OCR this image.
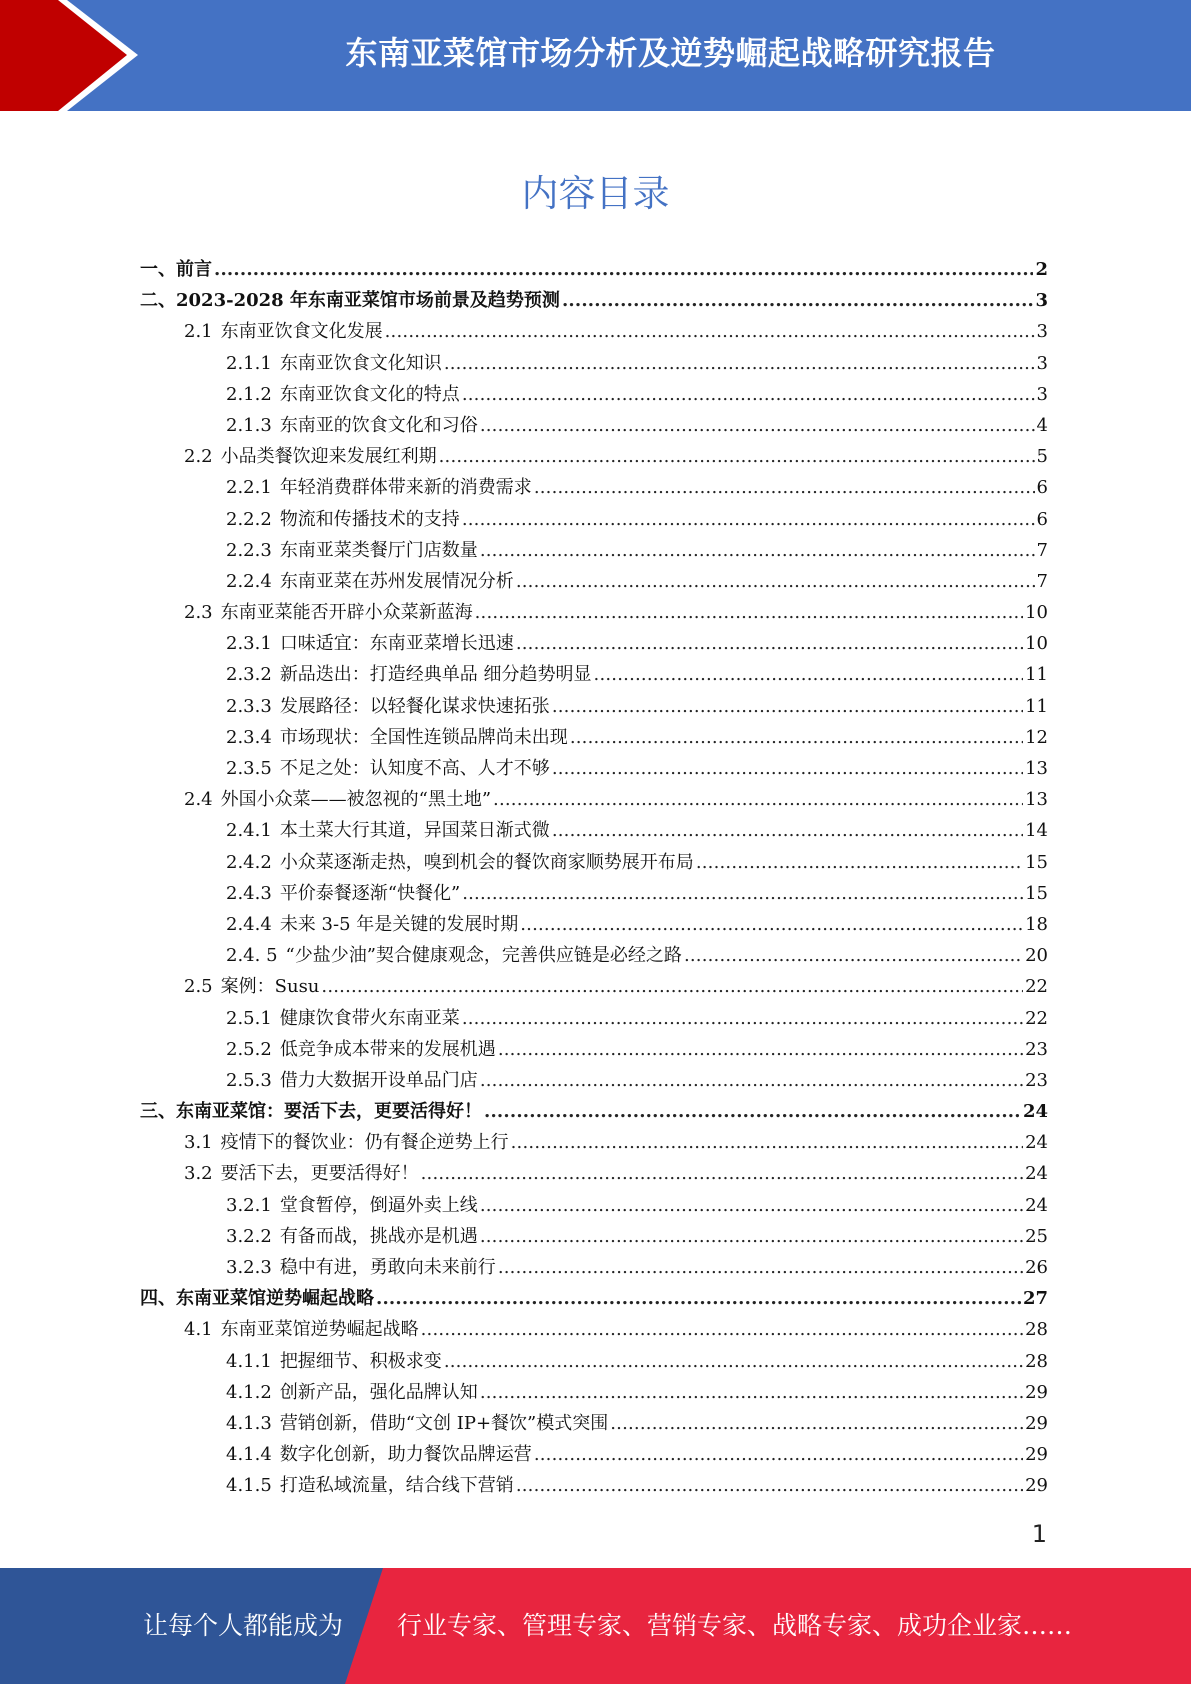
东南亚菜馆市场分析及逆势崛起战略研究报告
内容目录
一、 前言 .....	2
二、 2023-2028 年东南亚菜馆市场前景及趋势预测 .....	3
2.1 东南亚饮食文化发展 .....	3
2.1.1 东南亚饮食文化知识 .....	3
2.1.2 东南亚饮食文化的特点 .....	3
2.1.3 东南亚的饮食文化和习俗 .....	4
2.2 小品类餐饮迎来发展红利期 .....	5
2.2.1 年轻消费群体带来新的消费需求 .....	6
2.2.2 物流和传播技术的支持 .....	6
2.2.3 东南亚菜类餐厅门店数量 .....	7
2.2.4 东南亚菜在苏州发展情况分析 .....	7
2.3 东南亚菜能否开辟小众菜新蓝海 .....	10
2.3.1 口味适宜：东南亚菜增长迅速 .....	10
2.3.2 新品迭出：打造经典单品 细分趋势明显 .....	11
2.3.3 发展路径：以轻餐化谋求快速拓张 .....	11
2.3.4 市场现状：全国性连锁品牌尚未出现 .....	12
2.3.5 不足之处：认知度不高、人才不够 .....	13
2.4 外国小众菜——被忽视的“黑土地” .....	13
2.4.1 本土菜大行其道，异国菜日渐式微 .....	14
2.4.2 小众菜逐渐走热，嗅到机会的餐饮商家顺势展开布局 .....	15
2.4.3 平价泰餐逐渐“快餐化” .....	15
2.4.4 未来 3-5 年是关键的发展时期 .....	18
2.4. 5 “少盐少油”契合健康观念，完善供应链是必经之路 .....	20
2.5 案例：Susu .....	22
2.5.1 健康饮食带火东南亚菜 .....	22
2.5.2 低竞争成本带来的发展机遇 .....	23
2.5.3 借力大数据开设单品门店 .....	23
三、 东南亚菜馆：要活下去，更要活得好！ .....	24
3.1 疫情下的餐饮业：仍有餐企逆势上行 .....	24
3.2 要活下去，更要活得好！ .....	24
3.2.1 堂食暂停，倒逼外卖上线 .....	24
3.2.2 有备而战，挑战亦是机遇 .....	25
3.2.3 稳中有进，勇敢向未来前行 .....	26
四、 东南亚菜馆逆势崛起战略 .....	27
4.1 东南亚菜馆逆势崛起战略 .....	28
4.1.1 把握细节、积极求变 .....	28
4.1.2 创新产品，强化品牌认知 .....	29
4.1.3 营销创新，借助“文创 IP+餐饮”模式突围 .....	29
4.1.4 数字化创新，助力餐饮品牌运营 .....	29
4.1.5 打造私域流量，结合线下营销 .....	29
1
让每个人都能成为 行业专家、管理专家、营销专家、战略专家、成功企业家……
